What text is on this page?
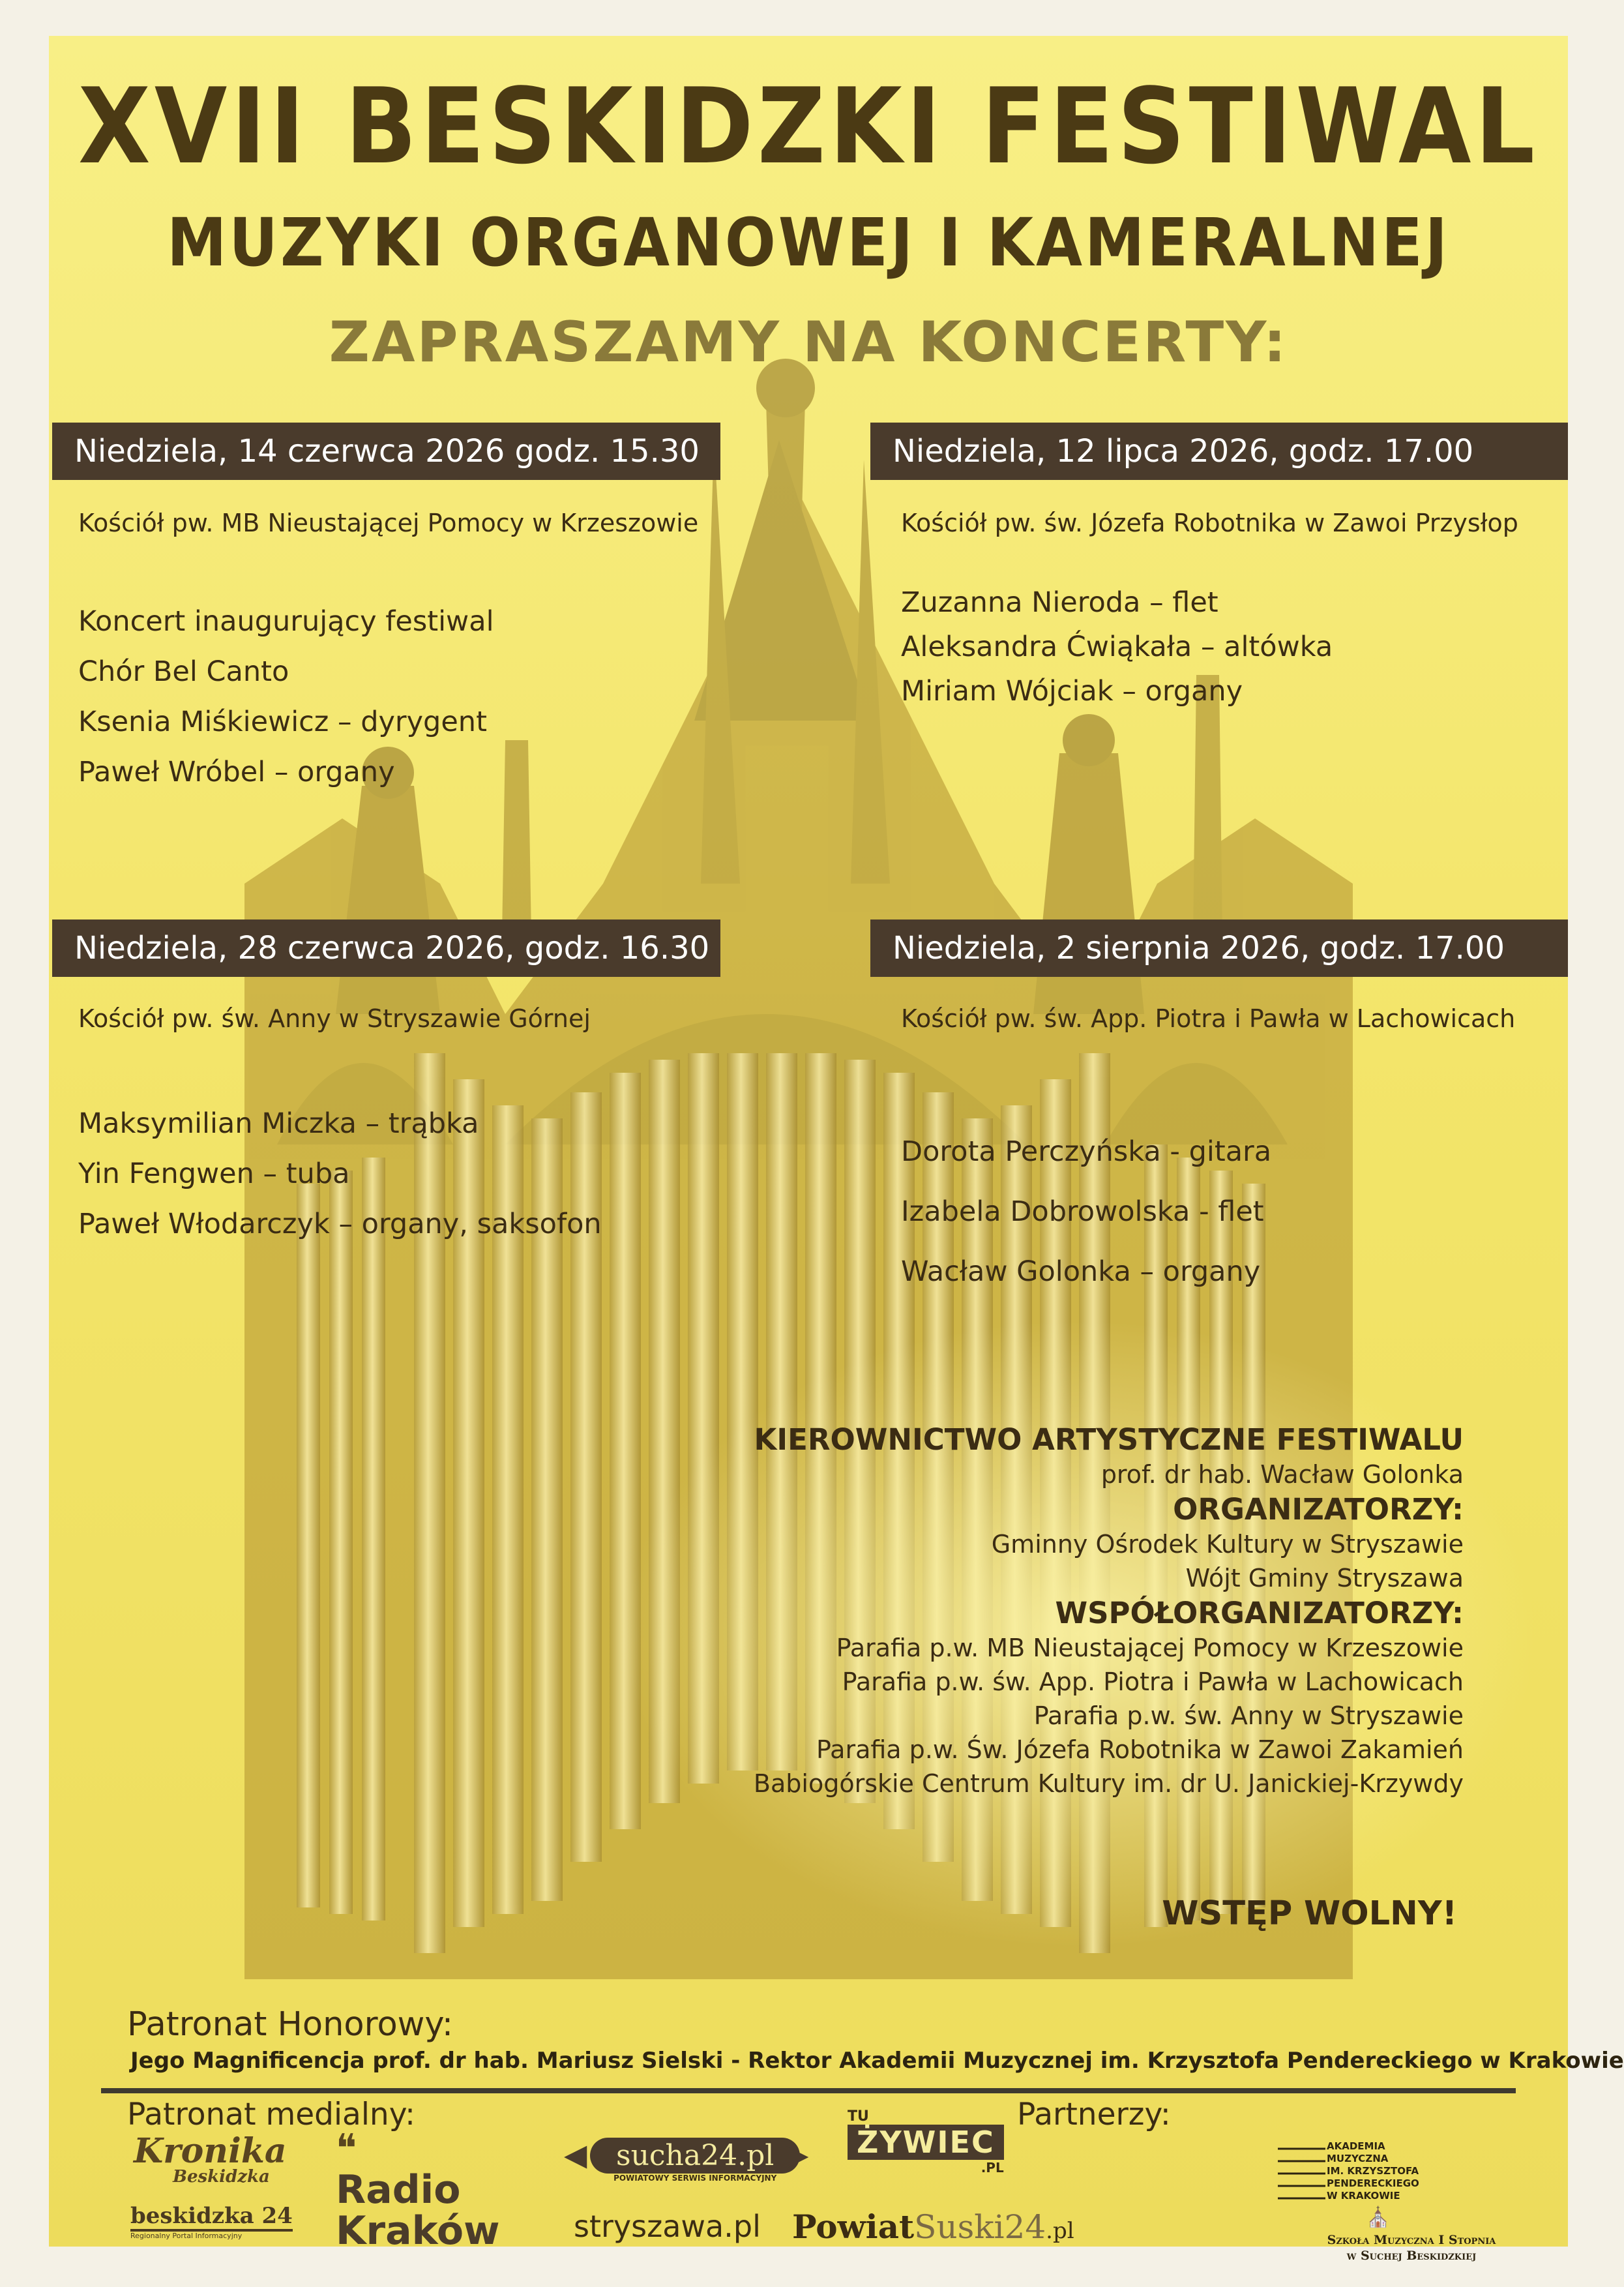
XVII BESKIDZKI FESTIWAL
MUZYKI ORGANOWEJ I KAMERALNEJ
ZAPRASZAMY NA KONCERTY:
Niedziela, 14 czerwca 2026 godz. 15.30
Kościół pw. MB Nieustającej Pomocy w Krzeszowie
Koncert inaugurujący festiwal
Chór Bel Canto
Ksenia Miśkiewicz – dyrygent
Paweł Wróbel – organy
Niedziela, 12 lipca 2026, godz. 17.00
Kościół pw. św. Józefa Robotnika w Zawoi Przysłop
Zuzanna Nieroda – flet
Aleksandra Ćwiąkała – altówka
Miriam Wójciak – organy
Niedziela, 28 czerwca 2026, godz. 16.30
Kościół pw. św. Anny w Stryszawie Górnej
Maksymilian Miczka – trąbka
Yin Fengwen – tuba
Paweł Włodarczyk – organy, saksofon
Niedziela, 2 sierpnia 2026, godz. 17.00
Kościół pw. św. App. Piotra i Pawła w Lachowicach
Dorota Perczyńska - gitara
Izabela Dobrowolska - flet
Wacław Golonka – organy
KIEROWNICTWO ARTYSTYCZNE FESTIWALU
prof. dr hab. Wacław Golonka
ORGANIZATORZY:
Gminny Ośrodek Kultury w Stryszawie
Wójt Gminy Stryszawa
WSPÓŁORGANIZATORZY:
Parafia p.w. MB Nieustającej Pomocy w Krzeszowie
Parafia p.w. św. App. Piotra i Pawła w Lachowicach
Parafia p.w. św. Anny w Stryszawie
Parafia p.w. Św. Józefa Robotnika w Zawoi Zakamień
Babiogórskie Centrum Kultury im. dr U. Janickiej-Krzywdy
WSTĘP WOLNY!
Patronat Honorowy:
Jego Magnificencja prof. dr hab. Mariusz Sielski - Rektor Akademii Muzycznej im. Krzysztofa Pendereckiego w Krakowie
Patronat medialny:	Partnerzy:
Kronika
Beskidzka
❝
Radio
Kraków
beskidzka 24
Regionalny Portal Informacyjny
sucha24.pl
POWIATOWY SERWIS INFORMACYJNY
◀	▶
TU
ŻYWIEC
.PL
stryszawa.pl PowiatSuski24.pl
AKADEMIA
MUZYCZNA
IM. KRZYSZTOFA
PENDERECKIEGO
W KRAKOWIE
⛪
Szkoła Muzyczna I Stopnia
w Suchej Beskidzkiej
